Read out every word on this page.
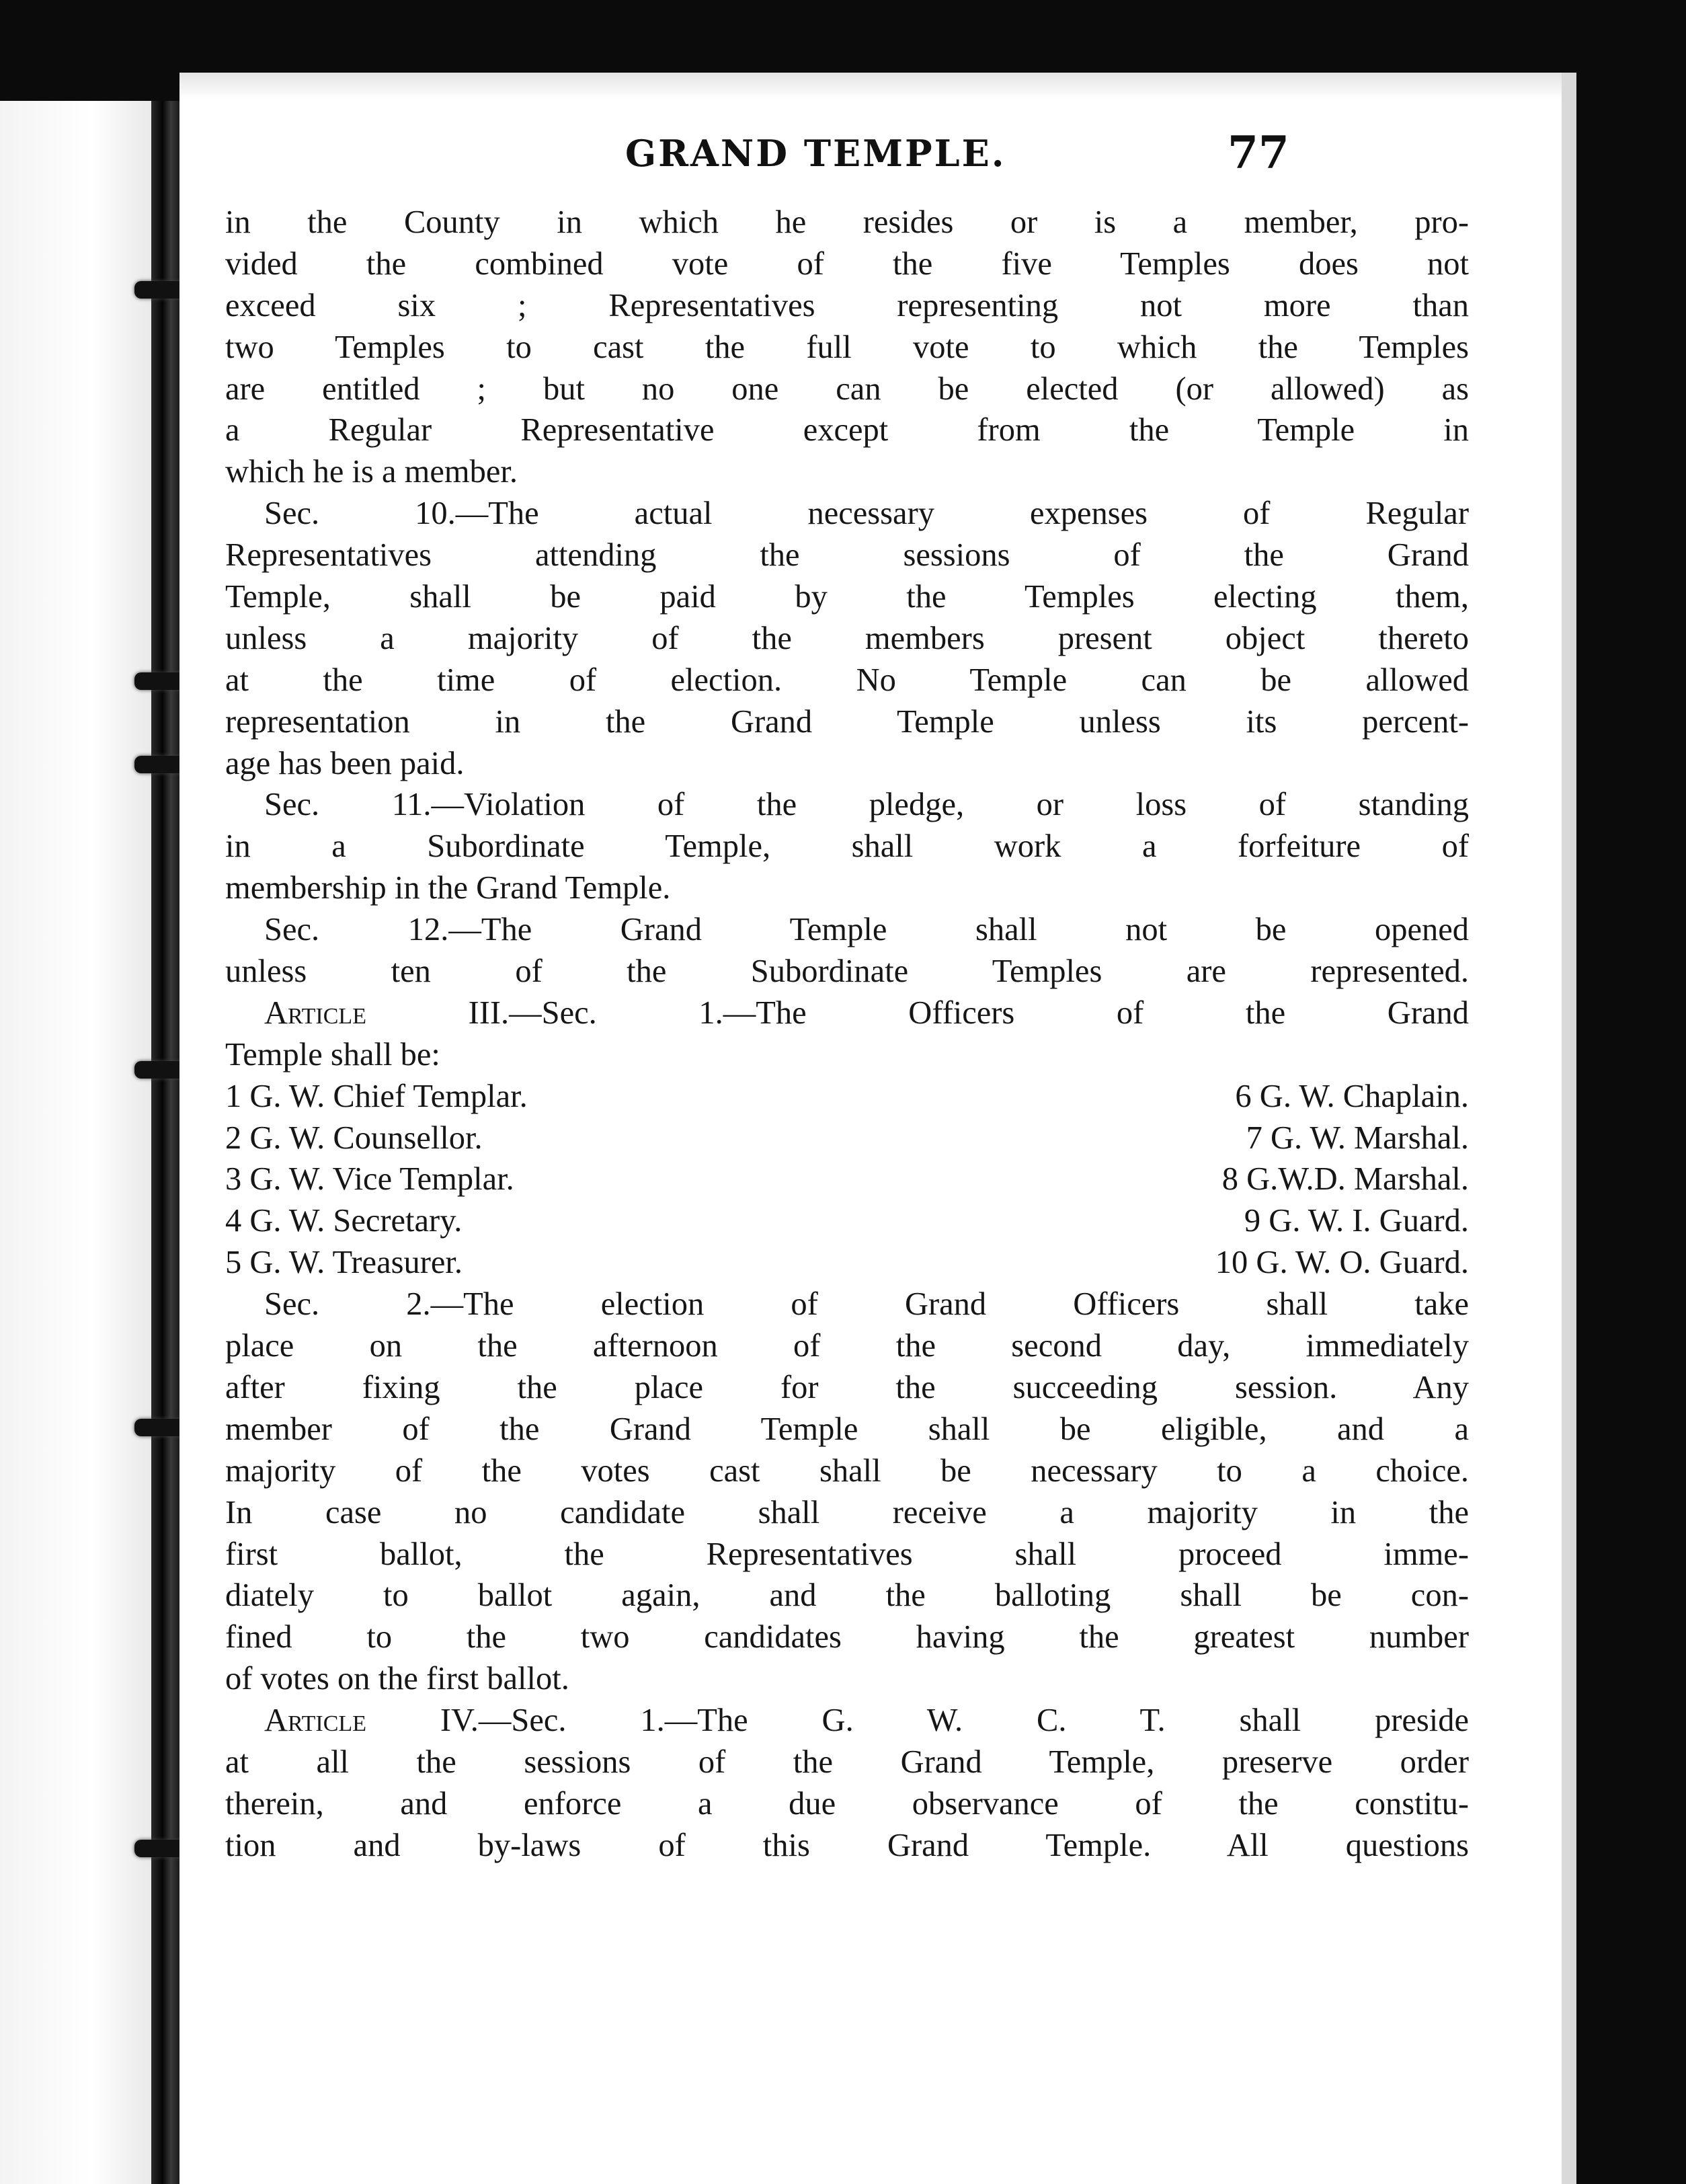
GRAND TEMPLE.	77
in the County in which he resides or is a member, pro-
vided the combined vote of the five Temples does not
exceed six ; Representatives representing not more than
two Temples to cast the full vote to which the Temples
are entitled ; but no one can be elected (or allowed) as
a Regular Representative except from the Temple in
which he is a member.
Sec. 10.—The actual necessary expenses of Regular
Representatives attending the sessions of the Grand
Temple, shall be paid by the Temples electing them,
unless a majority of the members present object thereto
at the time of election. No Temple can be allowed
representation in the Grand Temple unless its percent-
age has been paid.
Sec. 11.—Violation of the pledge, or loss of standing
in a Subordinate Temple, shall work a forfeiture of
membership in the Grand Temple.
Sec. 12.—The Grand Temple shall not be opened
unless ten of the Subordinate Temples are represented.
Article	III.—Sec. 1.—The Officers of the Grand
Temple shall be:
1 G. W. Chief Templar.	6 G. W. Chaplain.
2 G. W. Counsellor.	7 G. W. Marshal.
3 G. W. Vice Templar.	8 G.W.D. Marshal.
4 G. W. Secretary.	9 G. W. I. Guard.
5 G. W. Treasurer.	10 G. W. O. Guard.
Sec. 2.—The election of Grand Officers shall take
place on the afternoon of the second day, immediately
after fixing the place for the succeeding session. Any
member of the Grand Temple shall be eligible, and a
majority of the votes cast shall be necessary to a choice.
In case no candidate shall receive a majority in the
first ballot, the Representatives shall proceed imme-
diately to ballot again, and the balloting shall be con-
fined to the two candidates having the greatest number
of votes on the first ballot.
Article IV.—Sec. 1.—The G. W. C. T. shall preside
at all the sessions of the Grand Temple, preserve order
therein, and enforce a due observance of the constitu-
tion and by-laws of this Grand Temple. All questions
